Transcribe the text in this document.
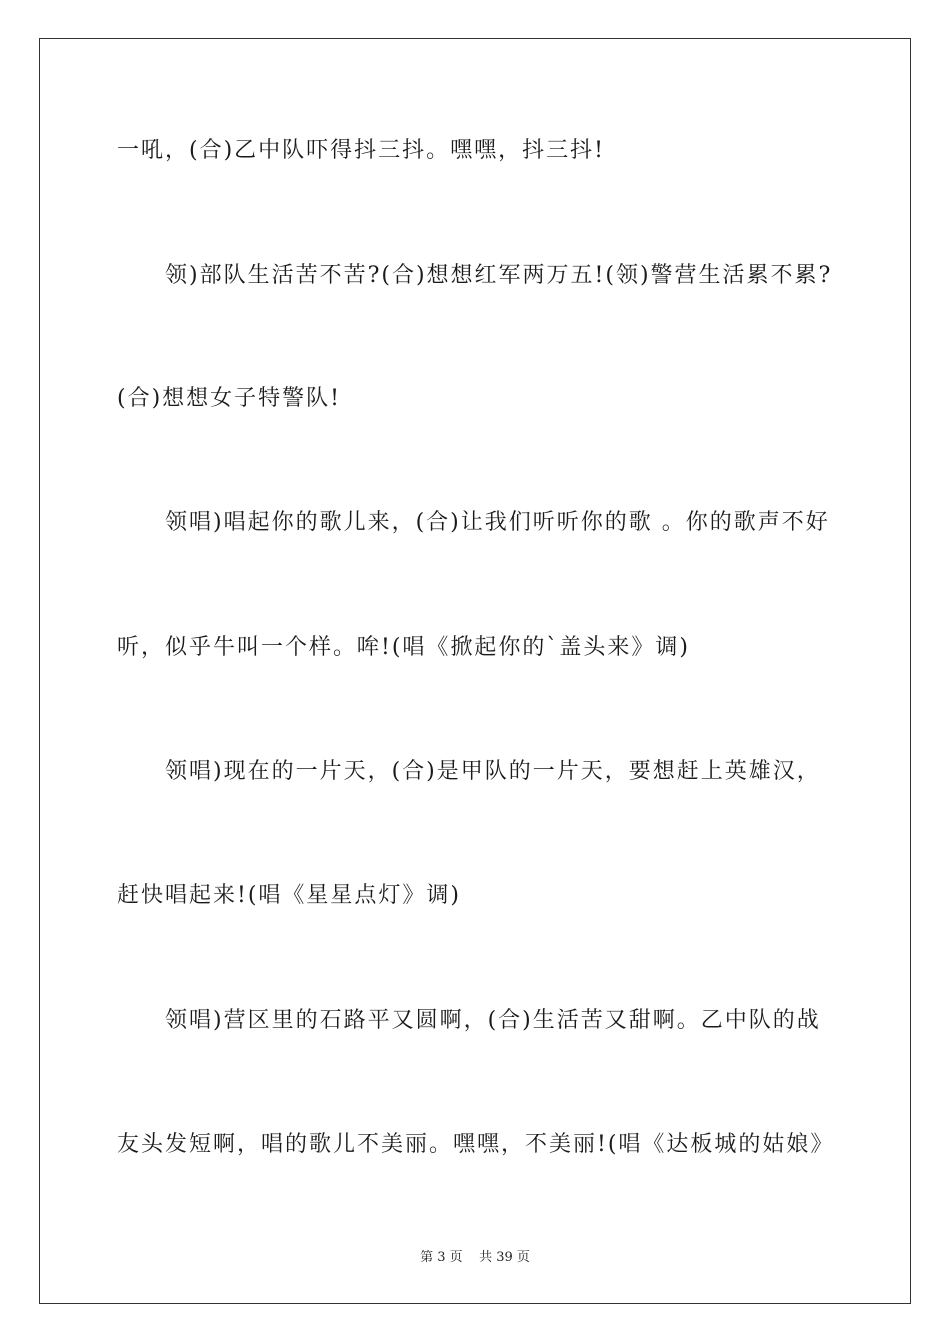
一吼，(合)乙中队吓得抖三抖。嘿嘿，抖三抖!
领)部队生活苦不苦?(合)想想红军两万五!(领)警营生活累不累?
(合)想想女子特警队!
领唱)唱起你的歌儿来，(合)让我们听听你的歌 。你的歌声不好
听，似乎牛叫一个样。哞!(唱《掀起你的`盖头来》调)
领唱)现在的一片天，(合)是甲队的一片天，要想赶上英雄汉，
赶快唱起来!(唱《星星点灯》调)
领唱)营区里的石路平又圆啊，(合)生活苦又甜啊。乙中队的战
友头发短啊，唱的歌儿不美丽。嘿嘿，不美丽!(唱《达板城的姑娘》
第 3 页    共 39 页
